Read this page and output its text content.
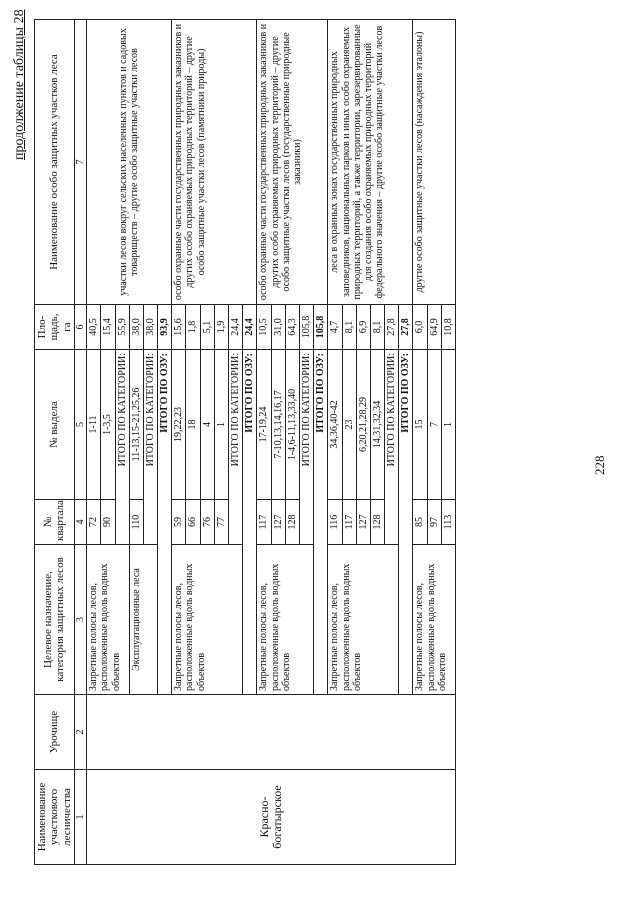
продолжение таблицы 28
228
Наименование участкового лесничества	Урочище	Целевое назначение, категория защитных лесов	№ квартала	№ выдела	Пло-щадь, га	Наименование особо защитных участков леса
1	2	3	4	5	6	7
Красно-богатырское		Запретные полосы лесов, расположенные вдоль водных объектов	72	1-11	40,5	участки лесов вокруг сельских населенных пунктов и садовых товариществ – другие особо защитные участки лесов
			90	1-3,5	15,4	
			ИТОГО ПО КАТЕГОРИИ:		55,9	
		Эксплуатационные леса	110	11-13,15-21,25,26	38,0	
			ИТОГО ПО КАТЕГОРИИ:		38,0	
		ИТОГО ПО ОЗУ:			93,9	
		Запретные полосы лесов, расположенные вдоль водных объектов	59	19,22,23	15,6	особо охранные части государственных природных заказников и других особо охраняемых природных территорий – другие особо защитные участки лесов (памятники природы)
			66	18	1,8	
			76	4	5,1	
			77	1	1,9	
			ИТОГО ПО КАТЕГОРИИ:		24,4	
		ИТОГО ПО ОЗУ:			24,4	
		Запретные полосы лесов, расположенные вдоль водных объектов	117	17-19,24	10,5	особо охранные части государственных природных заказников и других особо охраняемых природных территорий – другие особо защитные участки лесов (государственные природные заказники)
			127	7-10,13,14,16,17	31,0	
			128	1-4,6-11,13,33,40	64,3	
			ИТОГО ПО КАТЕГОРИИ:		105,8	
		ИТОГО ПО ОЗУ:			105,8	
		Запретные полосы лесов, расположенные вдоль водных объектов	116	34,36,40-42	4,7	леса в охранных зонах государственных природных заповедников, национальных парков и иных особо охраняемых природных территорий, а также территории, зарезервированные для создания особо охраняемых природных территорий федерального значения – другие особо защитные участки лесов
			117	23	8,1	
			127	6,20,21,28,29	6,9	
			128	14,31,32,34	8,1	
			ИТОГО ПО КАТЕГОРИИ:		27,8	
		ИТОГО ПО ОЗУ:			27,8	
		Запретные полосы лесов, расположенные вдоль водных объектов	85	15	6,0	другие особо защитные участки лесов (насаждения эталоны)
			97	7	64,9	
			113	1	10,8	
